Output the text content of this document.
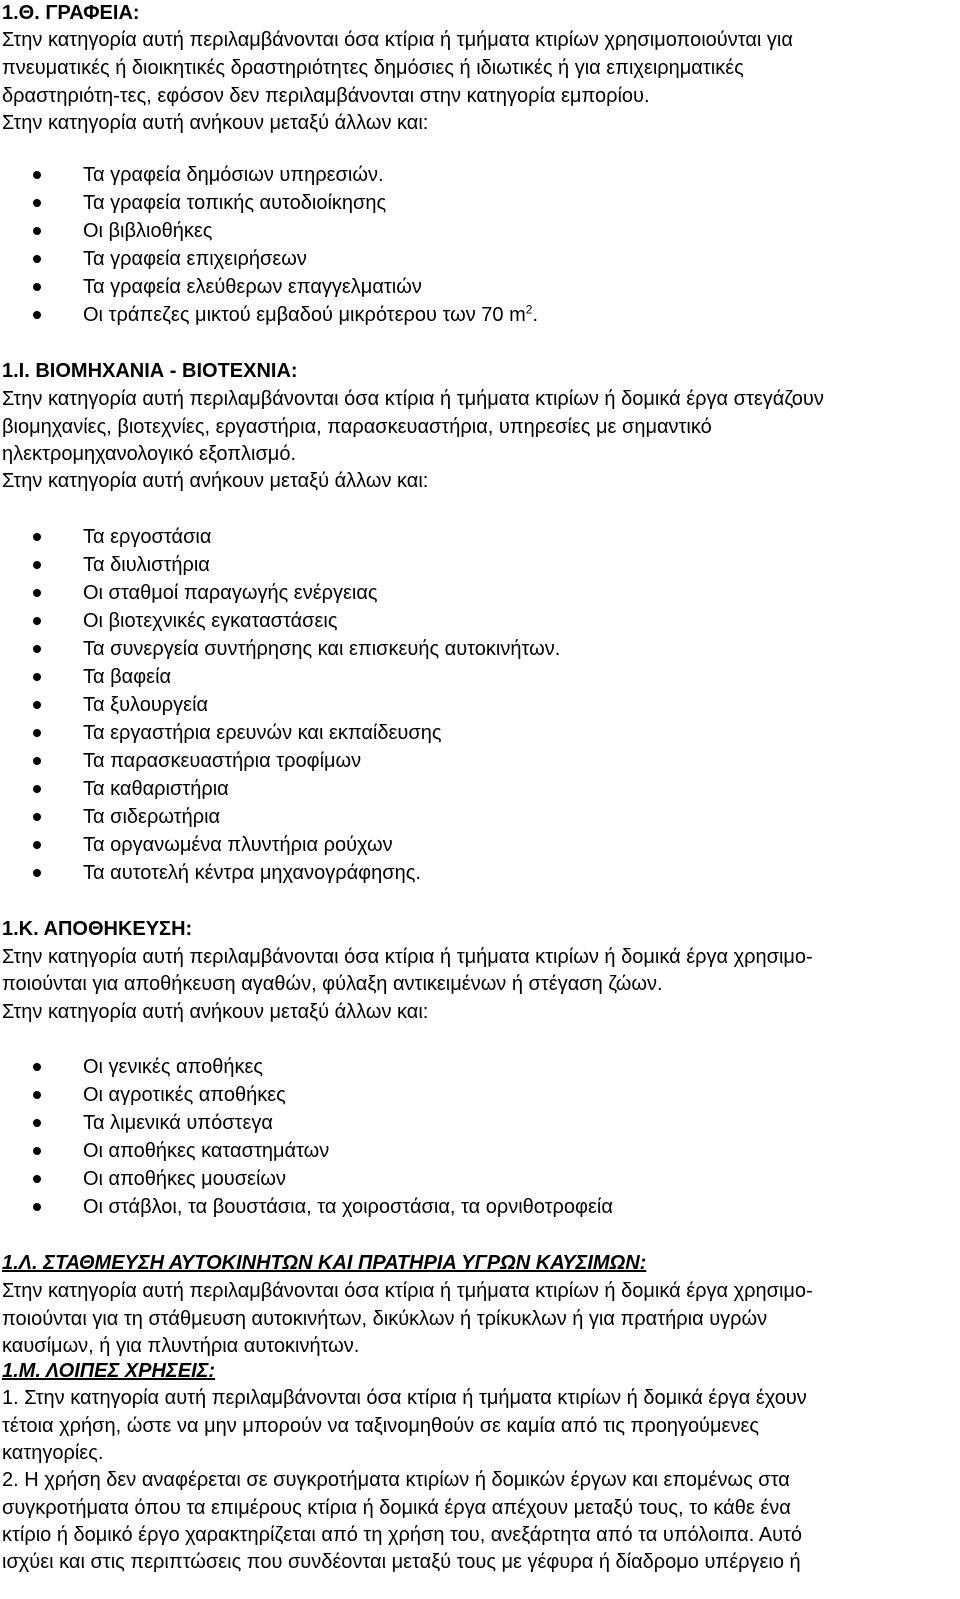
1.Θ. ΓΡΑΦΕΙΑ:
Στην κατηγορία αυτή περιλαμβάνονται όσα κτίρια ή τμήματα κτιρίων χρησιμοποιούνται για
πνευματικές ή διοικητικές δραστηριότητες δημόσιες ή ιδιωτικές ή για επιχειρηματικές
δραστηριότη-τες, εφόσον δεν περιλαμβάνονται στην κατηγορία εμπορίου.
Στην κατηγορία αυτή ανήκουν μεταξύ άλλων και:
Τα γραφεία δημόσιων υπηρεσιών.
Τα γραφεία τοπικής αυτοδιοίκησης
Οι βιβλιοθήκες
Τα γραφεία επιχειρήσεων
Τα γραφεία ελεύθερων επαγγελματιών
Οι τράπεζες μικτού εμβαδού μικρότερου των 70 $m^2$.
1.Ι. ΒΙΟΜΗΧΑΝΙΑ - ΒΙΟΤΕΧΝΙΑ:
Στην κατηγορία αυτή περιλαμβάνονται όσα κτίρια ή τμήματα κτιρίων ή δομικά έργα στεγάζουν
βιομηχανίες, βιοτεχνίες, εργαστήρια, παρασκευαστήρια, υπηρεσίες με σημαντικό
ηλεκτρομηχανολογικό εξοπλισμό.
Στην κατηγορία αυτή ανήκουν μεταξύ άλλων και:
Τα εργοστάσια
Τα διυλιστήρια
Οι σταθμοί παραγωγής ενέργειας
Οι βιοτεχνικές εγκαταστάσεις
Τα συνεργεία συντήρησης και επισκευής αυτοκινήτων.
Τα βαφεία
Τα ξυλουργεία
Τα εργαστήρια ερευνών και εκπαίδευσης
Τα παρασκευαστήρια τροφίμων
Τα καθαριστήρια
Τα σιδερωτήρια
Τα οργανωμένα πλυντήρια ρούχων
Τα αυτοτελή κέντρα μηχανογράφησης.
1.Κ. ΑΠΟΘΗΚΕΥΣΗ:
Στην κατηγορία αυτή περιλαμβάνονται όσα κτίρια ή τμήματα κτιρίων ή δομικά έργα χρησιμο-
ποιούνται για αποθήκευση αγαθών, φύλαξη αντικειμένων ή στέγαση ζώων.
Στην κατηγορία αυτή ανήκουν μεταξύ άλλων και:
Οι γενικές αποθήκες
Οι αγροτικές αποθήκες
Τα λιμενικά υπόστεγα
Οι αποθήκες καταστημάτων
Οι αποθήκες μουσείων
Οι στάβλοι, τα βουστάσια, τα χοιροστάσια, τα ορνιθοτροφεία
1.Λ. ΣΤΑΘΜΕΥΣΗ ΑΥΤΟΚΙΝΗΤΩΝ ΚΑΙ ΠΡΑΤΗΡΙΑ ΥΓΡΩΝ ΚΑΥΣΙΜΩΝ:
Στην κατηγορία αυτή περιλαμβάνονται όσα κτίρια ή τμήματα κτιρίων ή δομικά έργα χρησιμο-
ποιούνται για τη στάθμευση αυτοκινήτων, δικύκλων ή τρίκυκλων ή για πρατήρια υγρών
καυσίμων, ή για πλυντήρια αυτοκινήτων.
1.Μ. ΛΟΙΠΕΣ ΧΡΗΣΕΙΣ:
1. Στην κατηγορία αυτή περιλαμβάνονται όσα κτίρια ή τμήματα κτιρίων ή δομικά έργα έχουν
τέτοια χρήση, ώστε να μην μπορούν να ταξινομηθούν σε καμία από τις προηγούμενες
κατηγορίες.
2. Η χρήση δεν αναφέρεται σε συγκροτήματα κτιρίων ή δομικών έργων και επομένως στα
συγκροτήματα όπου τα επιμέρους κτίρια ή δομικά έργα απέχουν μεταξύ τους, το κάθε ένα
κτίριο ή δομικό έργο χαρακτηρίζεται από τη χρήση του, ανεξάρτητα από τα υπόλοιπα. Αυτό
ισχύει και στις περιπτώσεις που συνδέονται μεταξύ τους με γέφυρα ή δίαδρομο υπέργειο ή
